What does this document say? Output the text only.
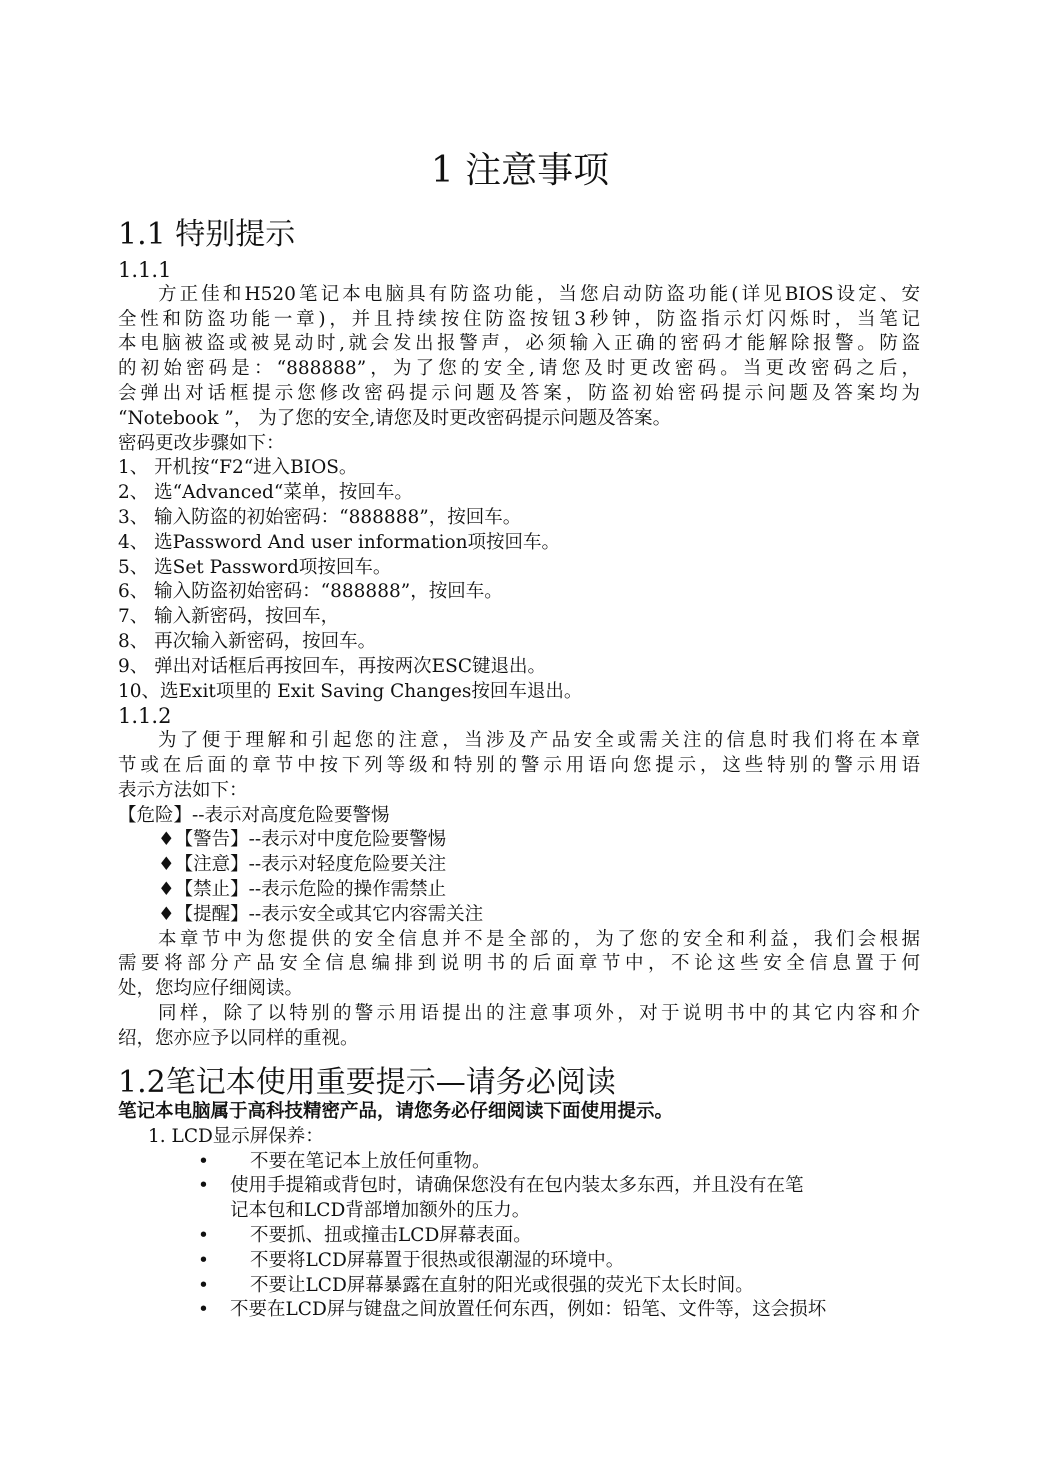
1 注意事项
1.1 特别提示
1.1.1
方正佳和H520笔记本电脑具有防盗功能，当您启动防盗功能(详见BIOS设定、安
全性和防盗功能一章)，并且持续按住防盗按钮3秒钟，防盗指示灯闪烁时，当笔记
本电脑被盗或被晃动时,就会发出报警声，必须输入正确的密码才能解除报警。防盗
的初始密码是：“888888”，为了您的安全,请您及时更改密码。当更改密码之后，
会弹出对话框提示您修改密码提示问题及答案，防盗初始密码提示问题及答案均为
“Notebook ”， 为了您的安全,请您及时更改密码提示问题及答案。
密码更改步骤如下：
1、 开机按“F2“进入BIOS。
2、 选“Advanced“菜单，按回车。
3、 输入防盗的初始密码：“888888”，按回车。
4、 选Password And user information项按回车。
5、 选Set Password项按回车。
6、 输入防盗初始密码：“888888”，按回车。
7、 输入新密码，按回车，
8、 再次输入新密码，按回车。
9、 弹出对话框后再按回车，再按两次ESC键退出。
10、选Exit项里的 Exit Saving Changes按回车退出。
1.1.2
为了便于理解和引起您的注意，当涉及产品安全或需关注的信息时我们将在本章
节或在后面的章节中按下列等级和特别的警示用语向您提示，这些特别的警示用语
表示方法如下：
【危险】--表示对高度危险要警惕
♦【警告】--表示对中度危险要警惕
♦【注意】--表示对轻度危险要关注
♦【禁止】--表示危险的操作需禁止
♦【提醒】--表示安全或其它内容需关注
本章节中为您提供的安全信息并不是全部的，为了您的安全和利益，我们会根据
需要将部分产品安全信息编排到说明书的后面章节中，不论这些安全信息置于何
处，您均应仔细阅读。
同样，除了以特别的警示用语提出的注意事项外，对于说明书中的其它内容和介
绍，您亦应予以同样的重视。
1.2笔记本使用重要提示—请务必阅读
笔记本电脑属于高科技精密产品，请您务必仔细阅读下面使用提示。
1. LCD显示屏保养：
• 不要在笔记本上放任何重物。
• 使用手提箱或背包时，请确保您没有在包内装太多东西，并且没有在笔
记本包和LCD背部增加额外的压力。
• 不要抓、扭或撞击LCD屏幕表面。
• 不要将LCD屏幕置于很热或很潮湿的环境中。
• 不要让LCD屏幕暴露在直射的阳光或很强的荧光下太长时间。
• 不要在LCD屏与键盘之间放置任何东西，例如：铅笔、文件等，这会损坏
